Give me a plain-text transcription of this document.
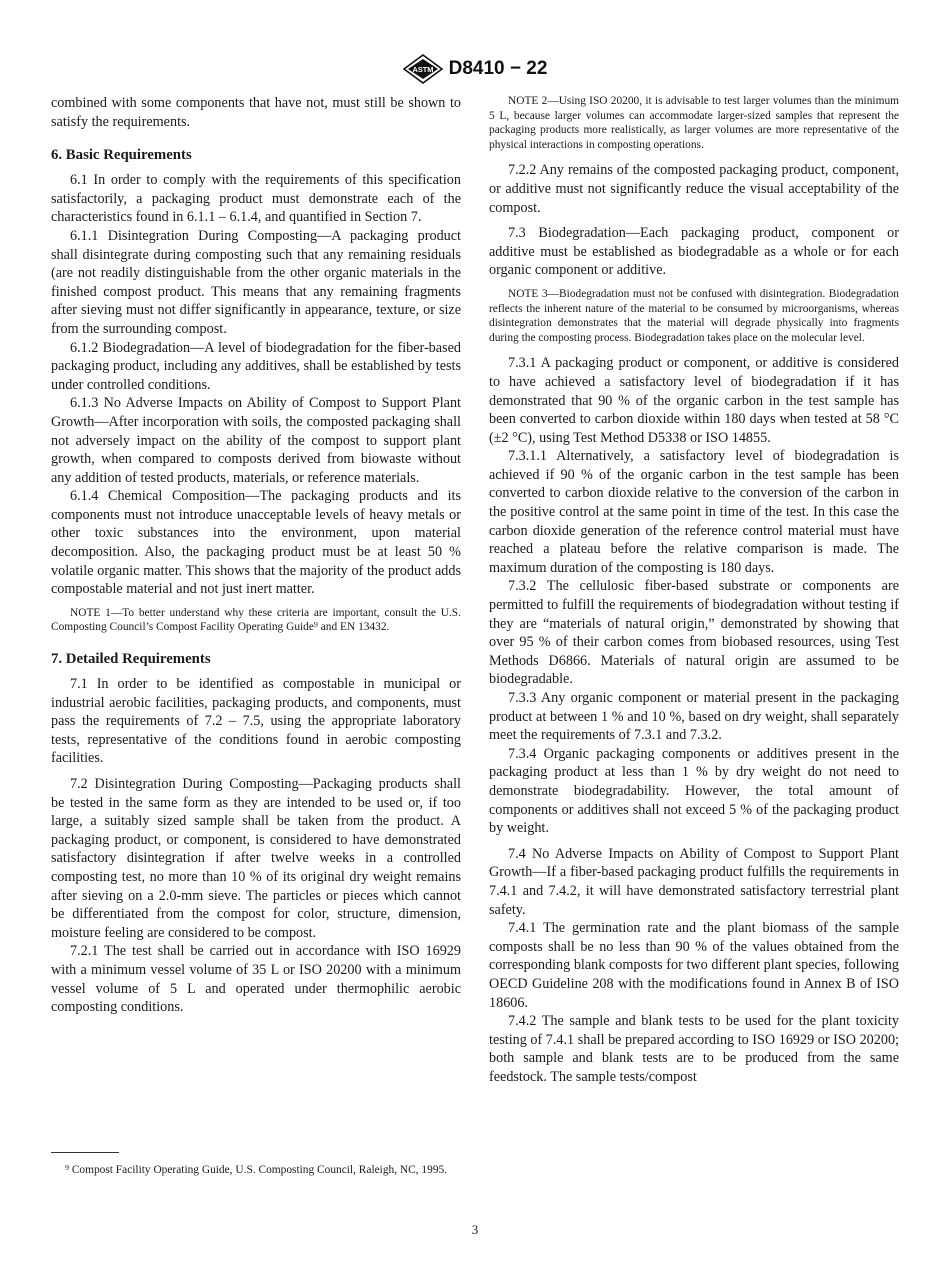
ASTM D8410 − 22

combined with some components that have not, must still be shown to satisfy the requirements.

6. Basic Requirements

6.1 In order to comply with the requirements of this specification satisfactorily, a packaging product must demonstrate each of the characteristics found in 6.1.1 – 6.1.4, and quantified in Section 7.

6.1.1 Disintegration During Composting—A packaging product shall disintegrate during composting such that any remaining residuals (are not readily distinguishable from the other organic materials in the finished compost product. This means that any remaining fragments after sieving must not differ significantly in appearance, texture, or size from the surrounding compost.

6.1.2 Biodegradation—A level of biodegradation for the fiber-based packaging product, including any additives, shall be established by tests under controlled conditions.

6.1.3 No Adverse Impacts on Ability of Compost to Support Plant Growth—After incorporation with soils, the composted packaging shall not adversely impact on the ability of the compost to support plant growth, when compared to composts derived from biowaste without any addition of tested products, materials, or reference materials.

6.1.4 Chemical Composition—The packaging products and its components must not introduce unacceptable levels of heavy metals or other toxic substances into the environment, upon material decomposition. Also, the packaging product must be at least 50 % volatile organic matter. This shows that the majority of the product adds compostable material and not just inert matter.

NOTE 1—To better understand why these criteria are important, consult the U.S. Composting Council’s Compost Facility Operating Guide⁹ and EN 13432.

7. Detailed Requirements

7.1 In order to be identified as compostable in municipal or industrial aerobic facilities, packaging products, and components, must pass the requirements of 7.2 – 7.5, using the appropriate laboratory tests, representative of the conditions found in aerobic composting facilities.

7.2 Disintegration During Composting—Packaging products shall be tested in the same form as they are intended to be used or, if too large, a suitably sized sample shall be taken from the product. A packaging product, or component, is considered to have demonstrated satisfactory disintegration if after twelve weeks in a controlled composting test, no more than 10 % of its original dry weight remains after sieving on a 2.0-mm sieve. The particles or pieces which cannot be differentiated from the compost for color, structure, dimension, moisture feeling are considered to be compost.

7.2.1 The test shall be carried out in accordance with ISO 16929 with a minimum vessel volume of 35 L or ISO 20200 with a minimum vessel volume of 5 L and operated under thermophilic aerobic composting conditions.

⁹ Compost Facility Operating Guide, U.S. Composting Council, Raleigh, NC, 1995.

NOTE 2—Using ISO 20200, it is advisable to test larger volumes than the minimum 5 L, because larger volumes can accommodate larger-sized samples that represent the packaging products more realistically, as larger volumes are more representative of the physical interactions in composting operations.

7.2.2 Any remains of the composted packaging product, component, or additive must not significantly reduce the visual acceptability of the compost.

7.3 Biodegradation—Each packaging product, component or additive must be established as biodegradable as a whole or for each organic component or additive.

NOTE 3—Biodegradation must not be confused with disintegration. Biodegradation reflects the inherent nature of the material to be consumed by microorganisms, whereas disintegration demonstrates that the material will degrade physically into fragments during the composting process. Biodegradation takes place on the molecular level.

7.3.1 A packaging product or component, or additive is considered to have achieved a satisfactory level of biodegradation if it has demonstrated that 90 % of the organic carbon in the test sample has been converted to carbon dioxide within 180 days when tested at 58 °C (±2 °C), using Test Method D5338 or ISO 14855.

7.3.1.1 Alternatively, a satisfactory level of biodegradation is achieved if 90 % of the organic carbon in the test sample has been converted to carbon dioxide relative to the conversion of the carbon in the positive control at the same point in time of the test. In this case the carbon dioxide generation of the reference control material must have reached a plateau before the relative comparison is made. The maximum duration of the composting is 180 days.

7.3.2 The cellulosic fiber-based substrate or components are permitted to fulfill the requirements of biodegradation without testing if they are “materials of natural origin,” demonstrated by showing that over 95 % of their carbon comes from biobased resources, using Test Methods D6866. Materials of natural origin are assumed to be biodegradable.

7.3.3 Any organic component or material present in the packaging product at between 1 % and 10 %, based on dry weight, shall separately meet the requirements of 7.3.1 and 7.3.2.

7.3.4 Organic packaging components or additives present in the packaging product at less than 1 % by dry weight do not need to demonstrate biodegradability. However, the total amount of components or additives shall not exceed 5 % of the packaging product by weight.

7.4 No Adverse Impacts on Ability of Compost to Support Plant Growth—If a fiber-based packaging product fulfills the requirements in 7.4.1 and 7.4.2, it will have demonstrated satisfactory terrestrial plant safety.

7.4.1 The germination rate and the plant biomass of the sample composts shall be no less than 90 % of the values obtained from the corresponding blank composts for two different plant species, following OECD Guideline 208 with the modifications found in Annex B of ISO 18606.

7.4.2 The sample and blank tests to be used for the plant toxicity testing of 7.4.1 shall be prepared according to ISO 16929 or ISO 20200; both sample and blank tests are to be produced from the same feedstock. The sample tests/compost

3
